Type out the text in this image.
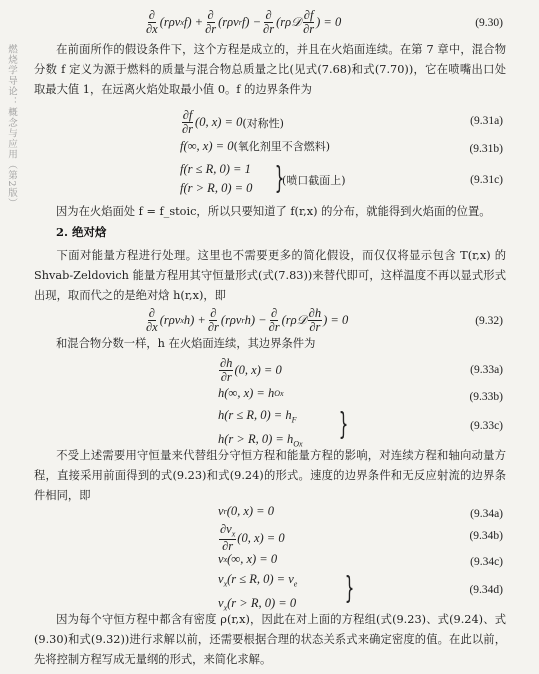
燃烧学导论：概念与应用（第2版）
$\frac{\partial}{\partial x} (r\rho v$ x $f) + \frac{\partial}{\partial r} (r\rho v$ r $f) - \frac{\partial}{\partial r}$ (rρ𝒟 $\frac{\partial f}{\partial r}$ ) = 0	(9.30)
在前面所作的假设条件下，这个方程是成立的，并且在火焰面连续。在第 7 章中，混合物分数 f 定义为源于燃料的质量与混合物总质量之比(见式(7.68)和式(7.70))，它在喷嘴出口处取最大值 1，在远离火焰处取最小值 0。f 的边界条件为
$\frac{\partial f}{\partial r} (0$, x) = 0 (对称性)	(9.31a)
f(∞, x) = 0 (氧化剂里不含燃料)	(9.31b)
f(r ≤ R, 0) = 1
f(r > R, 0) = 0 }
(喷口截面上)	(9.31c)
因为在火焰面处 f = f_stoic，所以只要知道了 f(r,x) 的分布，就能得到火焰面的位置。
2. 绝对焓
下面对能量方程进行处理。这里也不需要更多的简化假设，而仅仅将显示包含 T(r,x) 的 Shvab-Zeldovich 能量方程用其守恒量形式(式(7.83))来替代即可，这样温度不再以显式形式出现，取而代之的是绝对焓 h(r,x)，即
$\frac{\partial}{\partial x} (r\rho v$ x $h) + \frac{\partial}{\partial r} (r\rho v$ r $h) - \frac{\partial}{\partial r}$ (rρ𝒟 $\frac{\partial h}{\partial r}$ ) = 0	(9.32)
和混合物分数一样，h 在火焰面连续，其边界条件为
$\frac{\partial h}{\partial r} (0$, x) = 0	(9.33a)
h(∞, x) = h Ox	(9.33b)
h(r ≤ R, $0) = h_F$
h(r > R, $0) = h_{Ox}$
}	(9.33c)
不受上述需要用守恒量来代替组分守恒方程和能量方程的影响，对连续方程和轴向动量方程，直接采用前面得到的式(9.23)和式(9.24)的形式。速度的边界条件和无反应射流的边界条件相同，即
v r (0, x) = 0	(9.34a)
$\frac{\partial v_x}{\partial r} (0$, x) = 0	(9.34b)
v x (∞, x) = 0	(9.34c)
$v_x(r \le R$, $0) = v_e$
$v_x(r > R$, 0) = 0	}	(9.34d)
因为每个守恒方程中都含有密度 ρ(r,x)，因此在对上面的方程组(式(9.23)、式(9.24)、式(9.30)和式(9.32))进行求解以前，还需要根据合理的状态关系式来确定密度的值。在此以前，先将控制方程写成无量纲的形式，来简化求解。
